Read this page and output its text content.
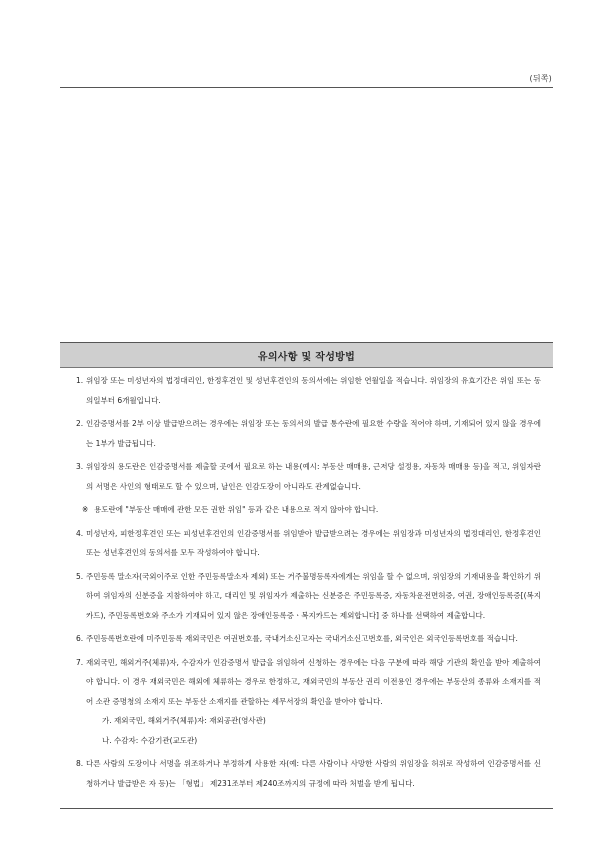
(뒤쪽)
유의사항 및 작성방법
1. 위임장 또는 미성년자의 법정대리인, 한정후견인 및 성년후견인의 동의서에는 위임한 연월일을 적습니다. 위임장의 유효기간은 위임 또는 동의일부터 6개월입니다.
2. 인감증명서를 2부 이상 발급받으려는 경우에는 위임장 또는 동의서의 발급 통수란에 필요한 수량을 적어야 하며, 기재되어 있지 않을 경우에는 1부가 발급됩니다.
3. 위임장의 용도란은 인감증명서를 제출할 곳에서 필요로 하는 내용(예시: 부동산 매매용, 근저당 설정용, 자동차 매매용 등)을 적고, 위임자란의 서명은 사인의 형태로도 할 수 있으며, 날인은 인감도장이 아니라도 관계없습니다.
※ 용도란에 "부동산 매매에 관한 모든 권한 위임" 등과 같은 내용으로 적지 않아야 합니다.
4. 미성년자, 피한정후견인 또는 피성년후견인의 인감증명서를 위임받아 발급받으려는 경우에는 위임장과 미성년자의 법정대리인, 한정후견인 또는 성년후견인의 동의서를 모두 작성하여야 합니다.
5. 주민등록 말소자(국외이주로 인한 주민등록말소자 제외) 또는 거주불명등록자에게는 위임을 할 수 없으며, 위임장의 기재내용을 확인하기 위하여 위임자의 신분증을 지참하여야 하고, 대리인 및 위임자가 제출하는 신분증은 주민등록증, 자동차운전면허증, 여권, 장애인등록증[(복지카드), 주민등록번호와 주소가 기재되어 있지 않은 장애인등록증ㆍ복지카드는 제외합니다] 중 하나를 선택하여 제출합니다.
6. 주민등록번호란에 미주민등록 재외국민은 여권번호를, 국내거소신고자는 국내거소신고번호를, 외국인은 외국인등록번호를 적습니다.
7. 재외국민, 해외거주(체류)자, 수감자가 인감증명서 발급을 위임하여 신청하는 경우에는 다음 구분에 따라 해당 기관의 확인을 받아 제출하여야 합니다. 이 경우 재외국민은 해외에 체류하는 경우로 한정하고, 재외국민의 부동산 권리 이전용인 경우에는 부동산의 종류와 소재지를 적어 소관 증명청의 소재지 또는 부동산 소재지를 관할하는 세무서장의 확인을 받아야 합니다.
가. 재외국민, 해외거주(체류)자: 재외공관(영사관)
나. 수감자: 수감기관(교도관)
8. 다른 사람의 도장이나 서명을 위조하거나 부정하게 사용한 자(예: 다른 사람이나 사망한 사람의 위임장을 허위로 작성하여 인감증명서를 신청하거나 발급받은 자 등)는 「형법」 제231조부터 제240조까지의 규정에 따라 처벌을 받게 됩니다.
